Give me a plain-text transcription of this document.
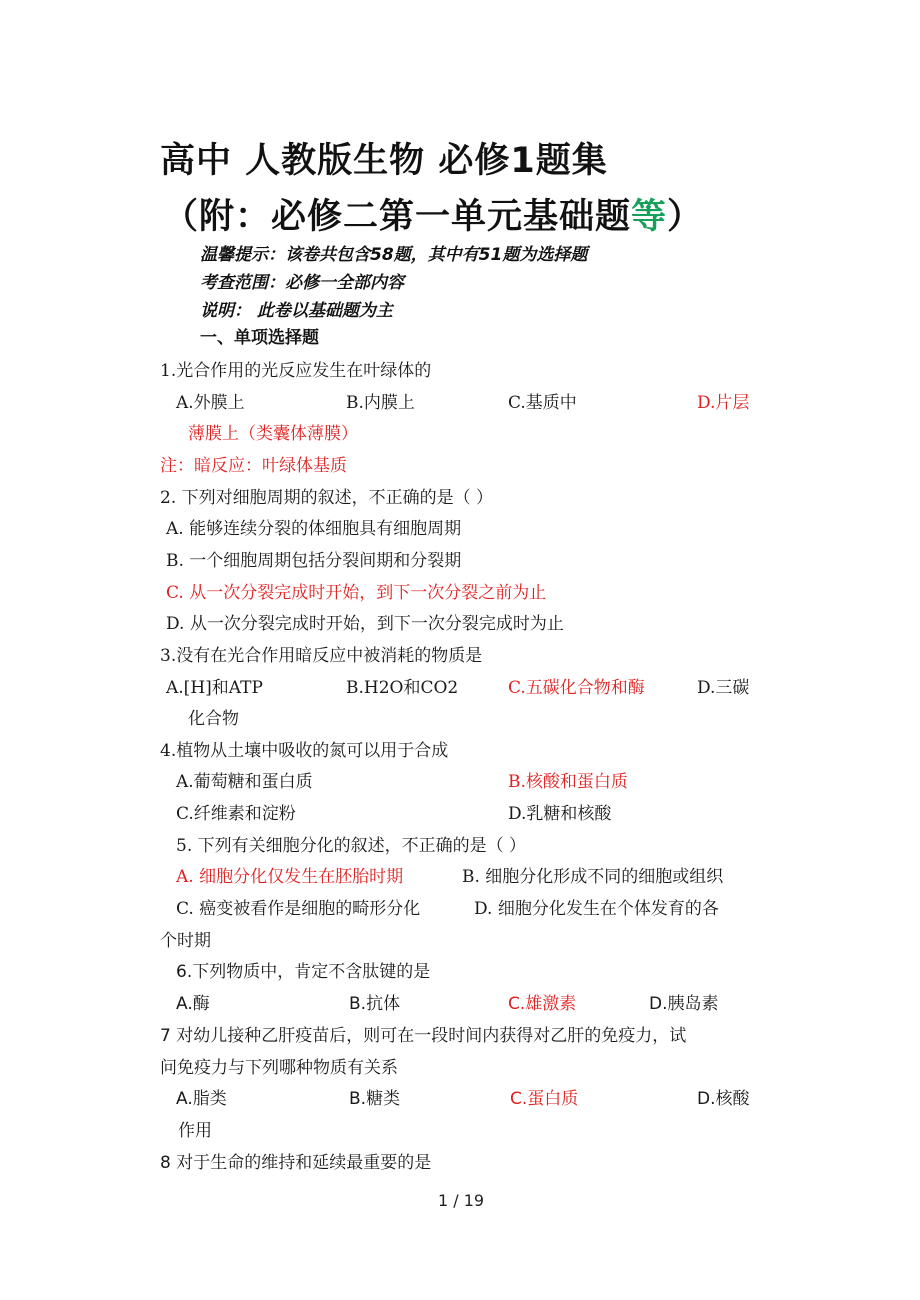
高中 人教版生物 必修1题集
（附：必修二第一单元基础题等）
温馨提示：该卷共包含58题，其中有51题为选择题
考查范围：必修一全部内容
说明： 此卷以基础题为主
一、单项选择题
1.光合作用的光反应发生在叶绿体的
A.外膜上	B.内膜上	C.基质中	D.片层
薄膜上（类囊体薄膜）
注：暗反应：叶绿体基质
2. 下列对细胞周期的叙述，不正确的是（ ）
A. 能够连续分裂的体细胞具有细胞周期
B. 一个细胞周期包括分裂间期和分裂期
C. 从一次分裂完成时开始，到下一次分裂之前为止
D. 从一次分裂完成时开始，到下一次分裂完成时为止
3.没有在光合作用暗反应中被消耗的物质是
A.[H]和ATP	B.H2O和CO2	C.五碳化合物和酶	D.三碳
化合物
4.植物从土壤中吸收的氮可以用于合成
A.葡萄糖和蛋白质	B.核酸和蛋白质
C.纤维素和淀粉	D.乳糖和核酸
5. 下列有关细胞分化的叙述，不正确的是（ ）
A. 细胞分化仅发生在胚胎时期	B. 细胞分化形成不同的细胞或组织
C. 癌变被看作是细胞的畸形分化	D. 细胞分化发生在个体发育的各
个时期
6.下列物质中，肯定不含肽键的是
A.酶	B.抗体	C.雄激素	D.胰岛素
7 对幼儿接种乙肝疫苗后，则可在一段时间内获得对乙肝的免疫力，试
问免疫力与下列哪种物质有关系
A.脂类	B.糖类	C.蛋白质	D.核酸
作用
8 对于生命的维持和延续最重要的是
1 / 19
